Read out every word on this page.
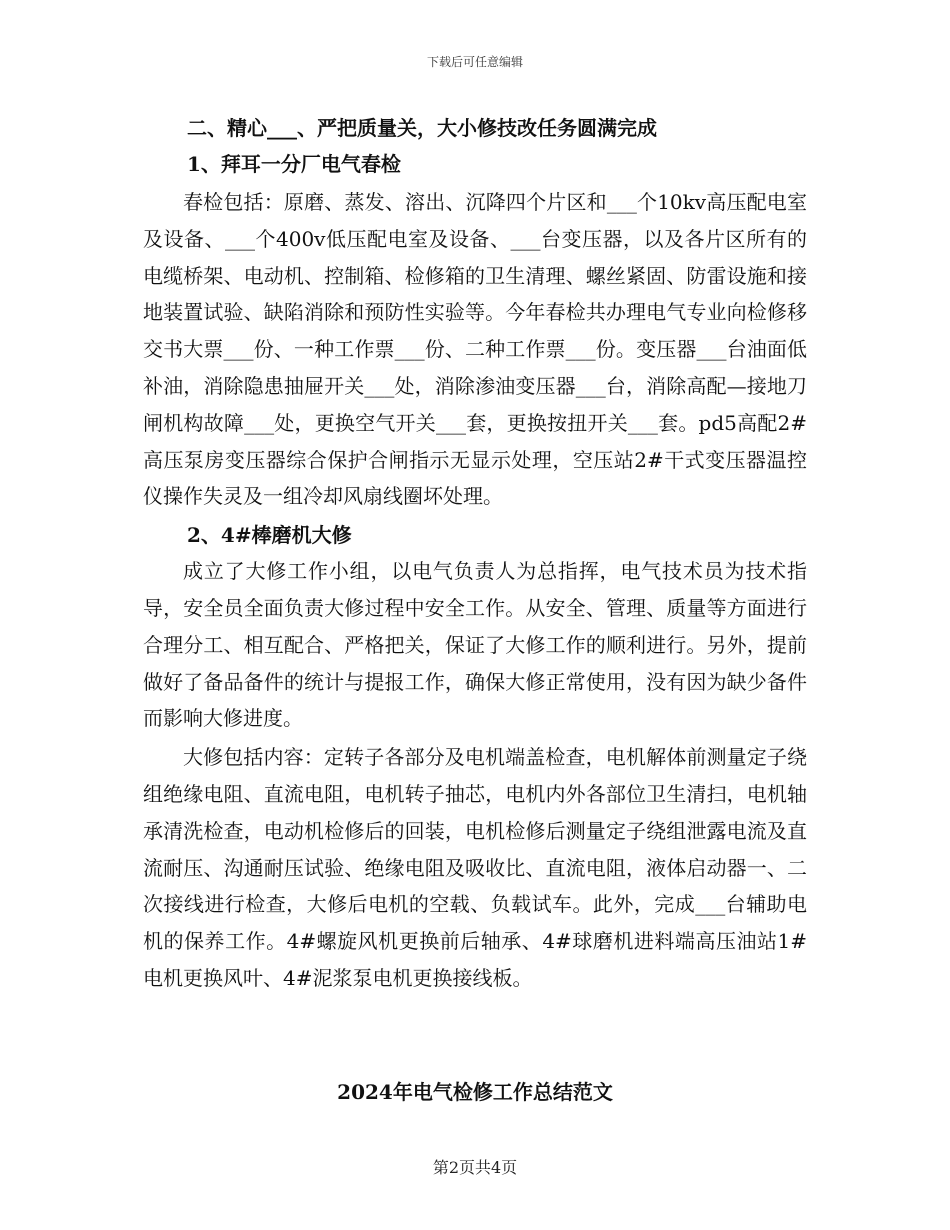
下载后可任意编辑

二、精心___、严把质量关，大小修技改任务圆满完成

1、拜耳一分厂电气春检

春检包括：原磨、蒸发、溶出、沉降四个片区和___个10kv高压配电室及设备、___个400v低压配电室及设备、___台变压器，以及各片区所有的电缆桥架、电动机、控制箱、检修箱的卫生清理、螺丝紧固、防雷设施和接地装置试验、缺陷消除和预防性实验等。今年春检共办理电气专业向检修移交书大票___份、一种工作票___份、二种工作票___份。变压器___台油面低补油，消除隐患抽屉开关___处，消除渗油变压器___台，消除高配—接地刀闸机构故障___处，更换空气开关___套，更换按扭开关___套。pd5高配2#高压泵房变压器综合保护合闸指示无显示处理，空压站2#干式变压器温控仪操作失灵及一组冷却风扇线圈坏处理。

2、4#棒磨机大修

成立了大修工作小组，以电气负责人为总指挥，电气技术员为技术指导，安全员全面负责大修过程中安全工作。从安全、管理、质量等方面进行合理分工、相互配合、严格把关，保证了大修工作的顺利进行。另外，提前做好了备品备件的统计与提报工作，确保大修正常使用，没有因为缺少备件而影响大修进度。

大修包括内容：定转子各部分及电机端盖检查，电机解体前测量定子绕组绝缘电阻、直流电阻，电机转子抽芯，电机内外各部位卫生清扫，电机轴承清洗检查，电动机检修后的回装，电机检修后测量定子绕组泄露电流及直流耐压、沟通耐压试验、绝缘电阻及吸收比、直流电阻，液体启动器一、二次接线进行检查，大修后电机的空载、负载试车。此外，完成___台辅助电机的保养工作。4#螺旋风机更换前后轴承、4#球磨机进料端高压油站1#电机更换风叶、4#泥浆泵电机更换接线板。

2024年电气检修工作总结范文

第2页共4页
